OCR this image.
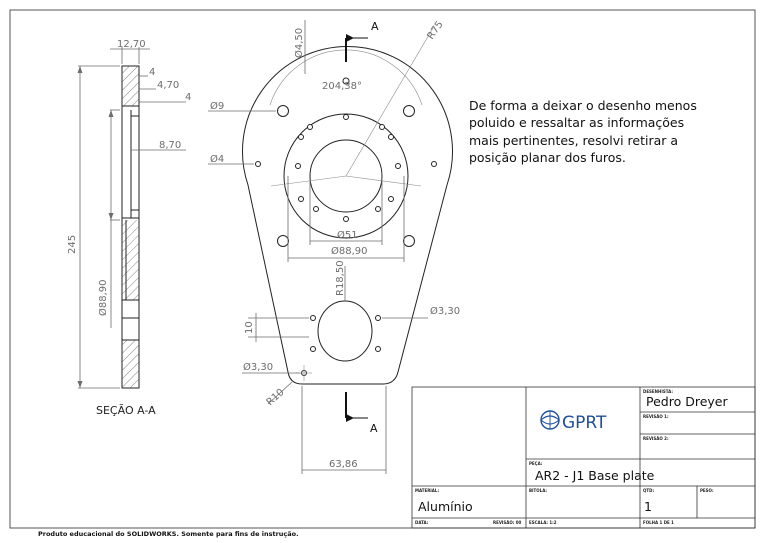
12,70
4
4,70
4
8,70
245
Ø88,90
SEÇÃO A-A
204,38°
R75
A
Ø4,50
Ø9
Ø4
Ø51
Ø88,90
R18,50
Ø3,30
10
Ø3,30
R10
A
63,86
De forma a deixar o desenho menos
poluido e ressaltar as informações
mais pertinentes, resolvi retirar a
posição planar dos furos.
GPRT
DESENHISTA:
Pedro Dreyer
REVISÃO 1:
REVISÃO 2:
PEÇA:
AR2 - J1 Base plate
MATERIAL:
Alumínio
BITOLA:	QTD:
1
PESO:
DATA:	REVISÃO: 00 ESCALA: 1:2	FOLHA 1 DE 1
Produto educacional do SOLIDWORKS. Somente para fins de instrução.
